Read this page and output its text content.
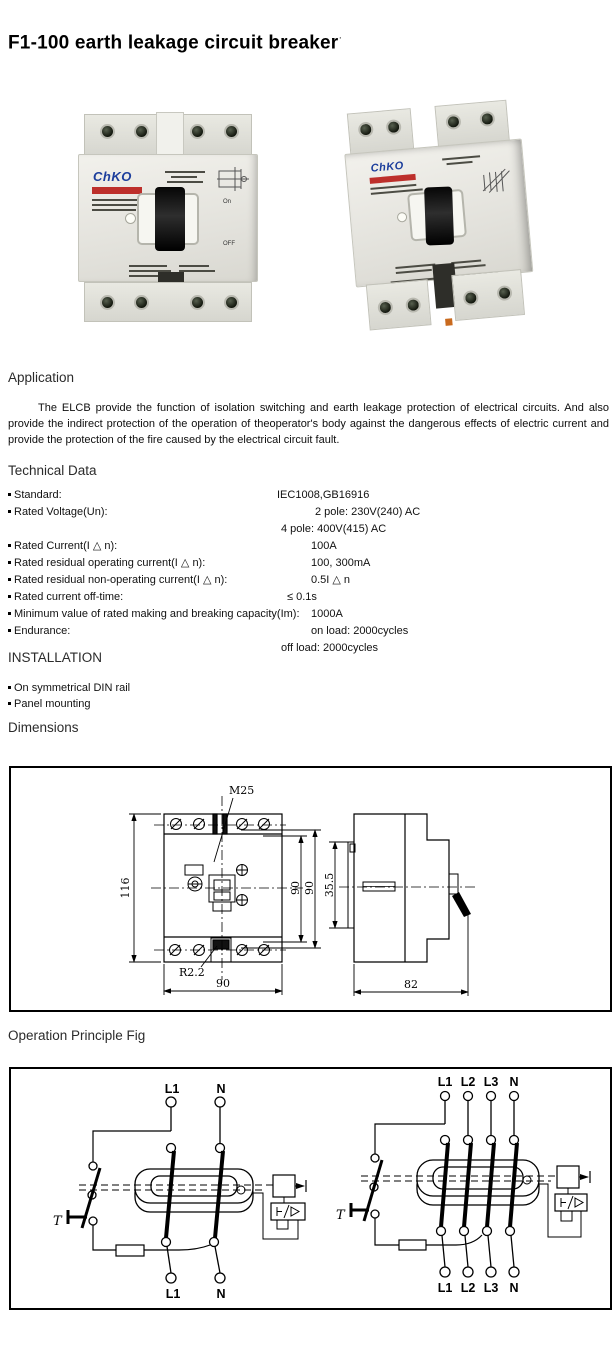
F1-100 earth leakage circuit breaker·
ChKO
On
OFF
ChKO
Application
The ELCB provide the function of isolation switching and earth leakage protection of electrical circuits. And also provide the indirect protection of the operation of theoperator's body against the dangerous effects of electric current and provide the protection of the fire caused by the electrical circuit fault.
Technical Data
Standard:	IEC1008,GB16916
Rated Voltage(Un):	2 pole: 230V(240) AC
4 pole: 400V(415) AC
Rated Current(I △ n):	100A
Rated residual operating current(I △ n):	100, 300mA
Rated residual non-operating current(I △ n):	0.5I △ n
Rated current off-time:	≤ 0.1s
Minimum value of rated making and breaking capacity(Im): 1000A
Endurance:	on load: 2000cycles
off load: 2000cycles
INSTALLATION
On symmetrical DIN rail
Panel mounting
Dimensions
116	90 90
90
M25
R2.2
35.5
82
Operation Principle Fig
L1	N
L1	N
T
L1 L2 L3 N
L1 L2 L3 N
T
